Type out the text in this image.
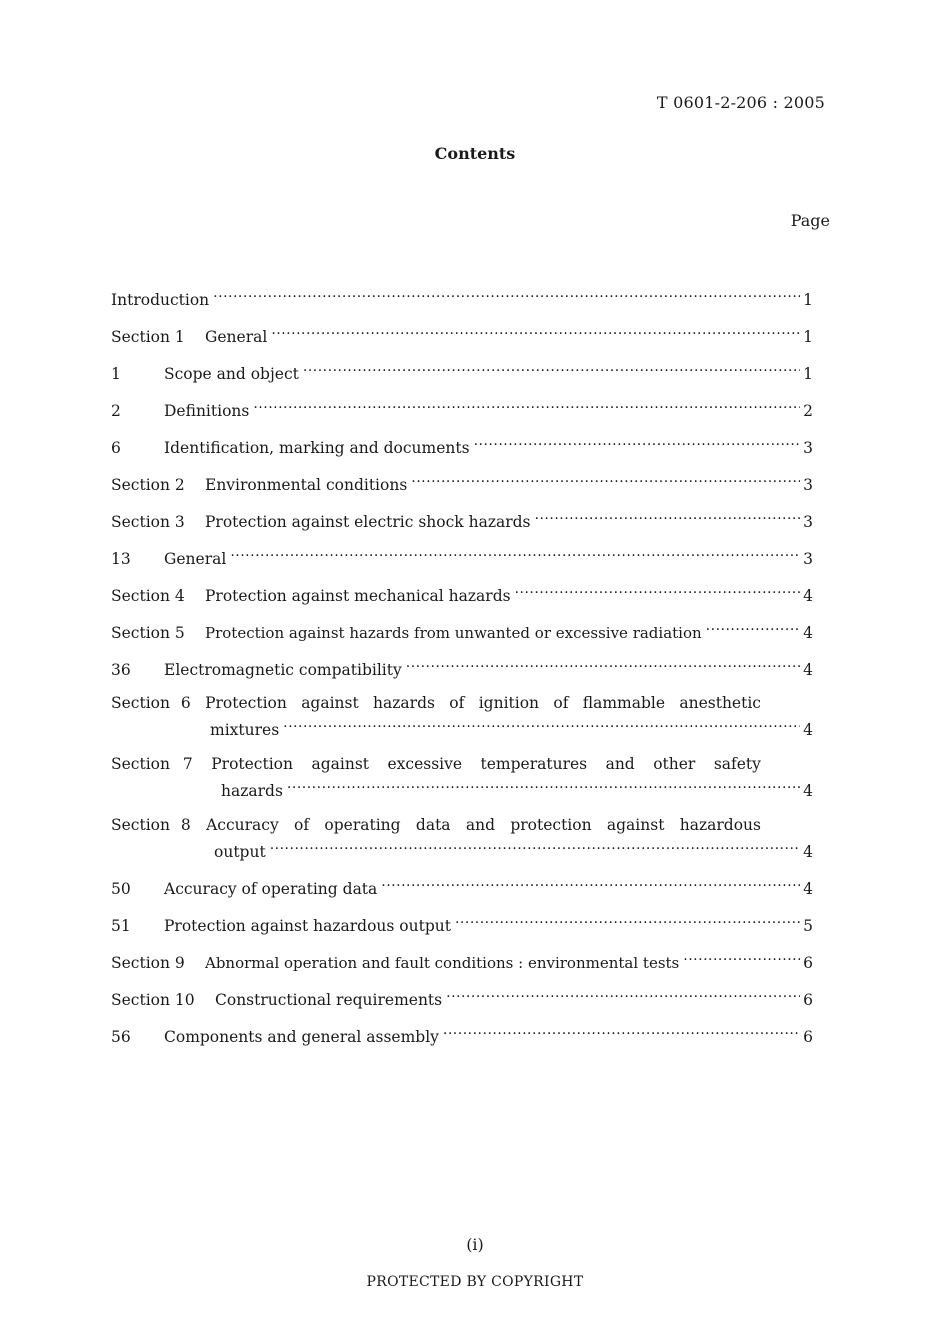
T 0601-2-206 : 2005
Contents
Page
Introduction .....	1
Section 1	General .....	1
1	Scope and object .....	1
2	Definitions .....	2
6	Identification, marking and documents .....	3
Section 2	Environmental conditions .....	3
Section 3	Protection against electric shock hazards .....	3
13	General .....	3
Section 4	Protection against mechanical hazards .....	4
Section 5	Protection against hazards from unwanted or excessive radiation .....	4
36	Electromagnetic compatibility .....	4
Section 6 Protection against hazards of ignition of flammable anesthetic
mixtures .....	4
Section 7 Protection against excessive temperatures and other safety
hazards .....	4
Section 8 Accuracy of operating data and protection against hazardous
output .....	4
50	Accuracy of operating data .....	4
51	Protection against hazardous output .....	5
Section 9	Abnormal operation and fault conditions : environmental tests .....	6
Section 10	Constructional requirements .....	6
56	Components and general assembly .....	6
(i)
PROTECTED BY COPYRIGHT
